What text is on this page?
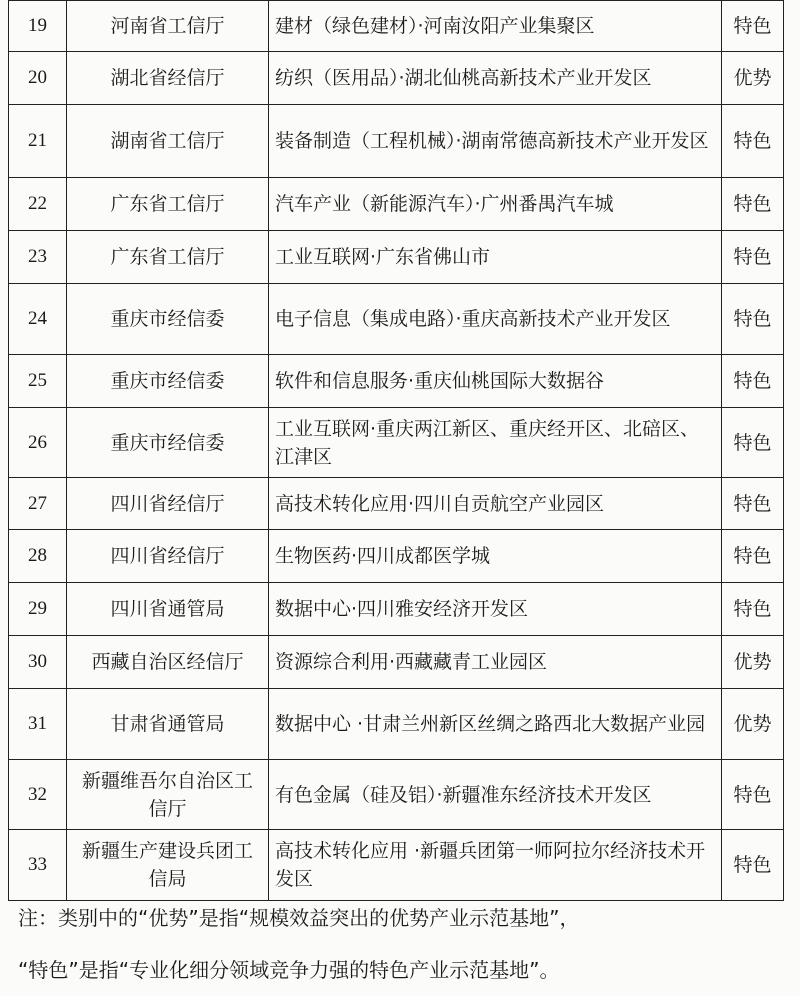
19	河南省工信厅	建材（绿色建材）·河南汝阳产业集聚区	特色
20	湖北省经信厅	纺织（医用品）·湖北仙桃高新技术产业开发区	优势
21	湖南省工信厅	装备制造（工程机械）·湖南常德高新技术产业开发区	特色
22	广东省工信厅	汽车产业（新能源汽车）·广州番禺汽车城	特色
23	广东省工信厅	工业互联网·广东省佛山市	特色
24	重庆市经信委	电子信息（集成电路）·重庆高新技术产业开发区	特色
25	重庆市经信委	软件和信息服务·重庆仙桃国际大数据谷	特色
26	重庆市经信委	工业互联网·重庆两江新区、重庆经开区、北碚区、江津区	特色
27	四川省经信厅	高技术转化应用·四川自贡航空产业园区	特色
28	四川省经信厅	生物医药·四川成都医学城	特色
29	四川省通管局	数据中心·四川雅安经济开发区	特色
30	西藏自治区经信厅	资源综合利用·西藏藏青工业园区	优势
31	甘肃省通管局	数据中心 ·甘肃兰州新区丝绸之路西北大数据产业园	优势
32	新疆维吾尔自治区工信厅	有色金属（硅及铝）·新疆准东经济技术开发区	特色
33	新疆生产建设兵团工信局	高技术转化应用 ·新疆兵团第一师阿拉尔经济技术开发区	特色
注：类别中的“优势”是指“规模效益突出的优势产业示范基地”，
“特色”是指“专业化细分领域竞争力强的特色产业示范基地”。
